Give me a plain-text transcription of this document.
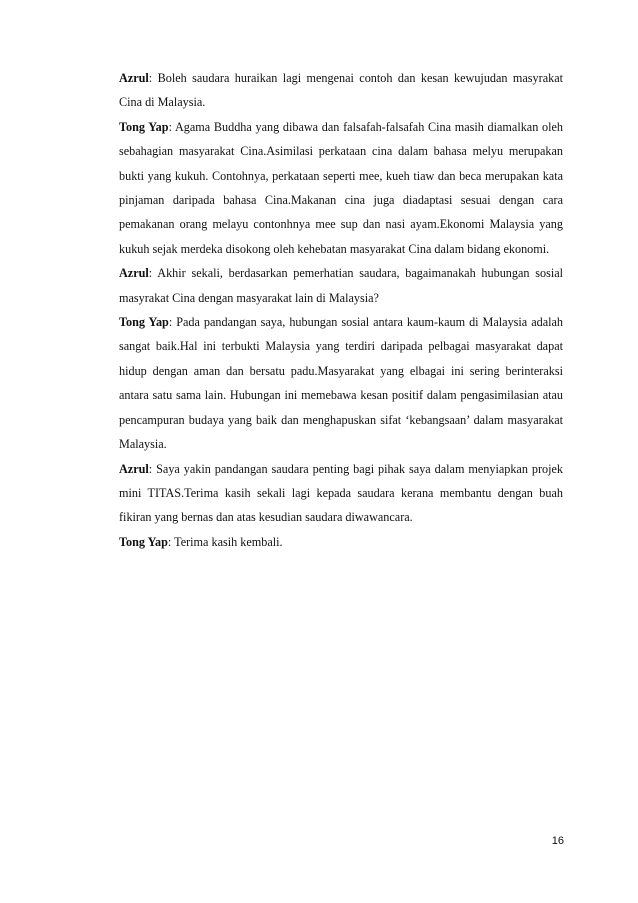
Azrul: Boleh saudara huraikan lagi mengenai contoh dan kesan kewujudan masyrakat Cina di Malaysia.

Tong Yap: Agama Buddha yang dibawa dan falsafah-falsafah Cina masih diamalkan oleh sebahagian masyarakat Cina.Asimilasi perkataan cina dalam bahasa melyu merupakan bukti yang kukuh. Contohnya, perkataan seperti mee, kueh tiaw dan beca merupakan kata pinjaman daripada bahasa Cina.Makanan cina juga diadaptasi sesuai dengan cara pemakanan orang melayu contonhnya mee sup dan nasi ayam.Ekonomi Malaysia yang kukuh sejak merdeka disokong oleh kehebatan masyarakat Cina dalam bidang ekonomi.

Azrul: Akhir sekali, berdasarkan pemerhatian saudara, bagaimanakah hubungan sosial masyrakat Cina dengan masyarakat lain di Malaysia?

Tong Yap: Pada pandangan saya, hubungan sosial antara kaum-kaum di Malaysia adalah sangat baik.Hal ini terbukti Malaysia yang terdiri daripada pelbagai masyarakat dapat hidup dengan aman dan bersatu padu.Masyarakat yang elbagai ini sering berinteraksi antara satu sama lain. Hubungan ini memebawa kesan positif dalam pengasimilasian atau pencampuran budaya yang baik dan menghapuskan sifat ‘kebangsaan’ dalam masyarakat Malaysia.

Azrul: Saya yakin pandangan saudara penting bagi pihak saya dalam menyiapkan projek mini TITAS.Terima kasih sekali lagi kepada saudara kerana membantu dengan buah fikiran yang bernas dan atas kesudian saudara diwawancara.

Tong Yap: Terima kasih kembali.

16
